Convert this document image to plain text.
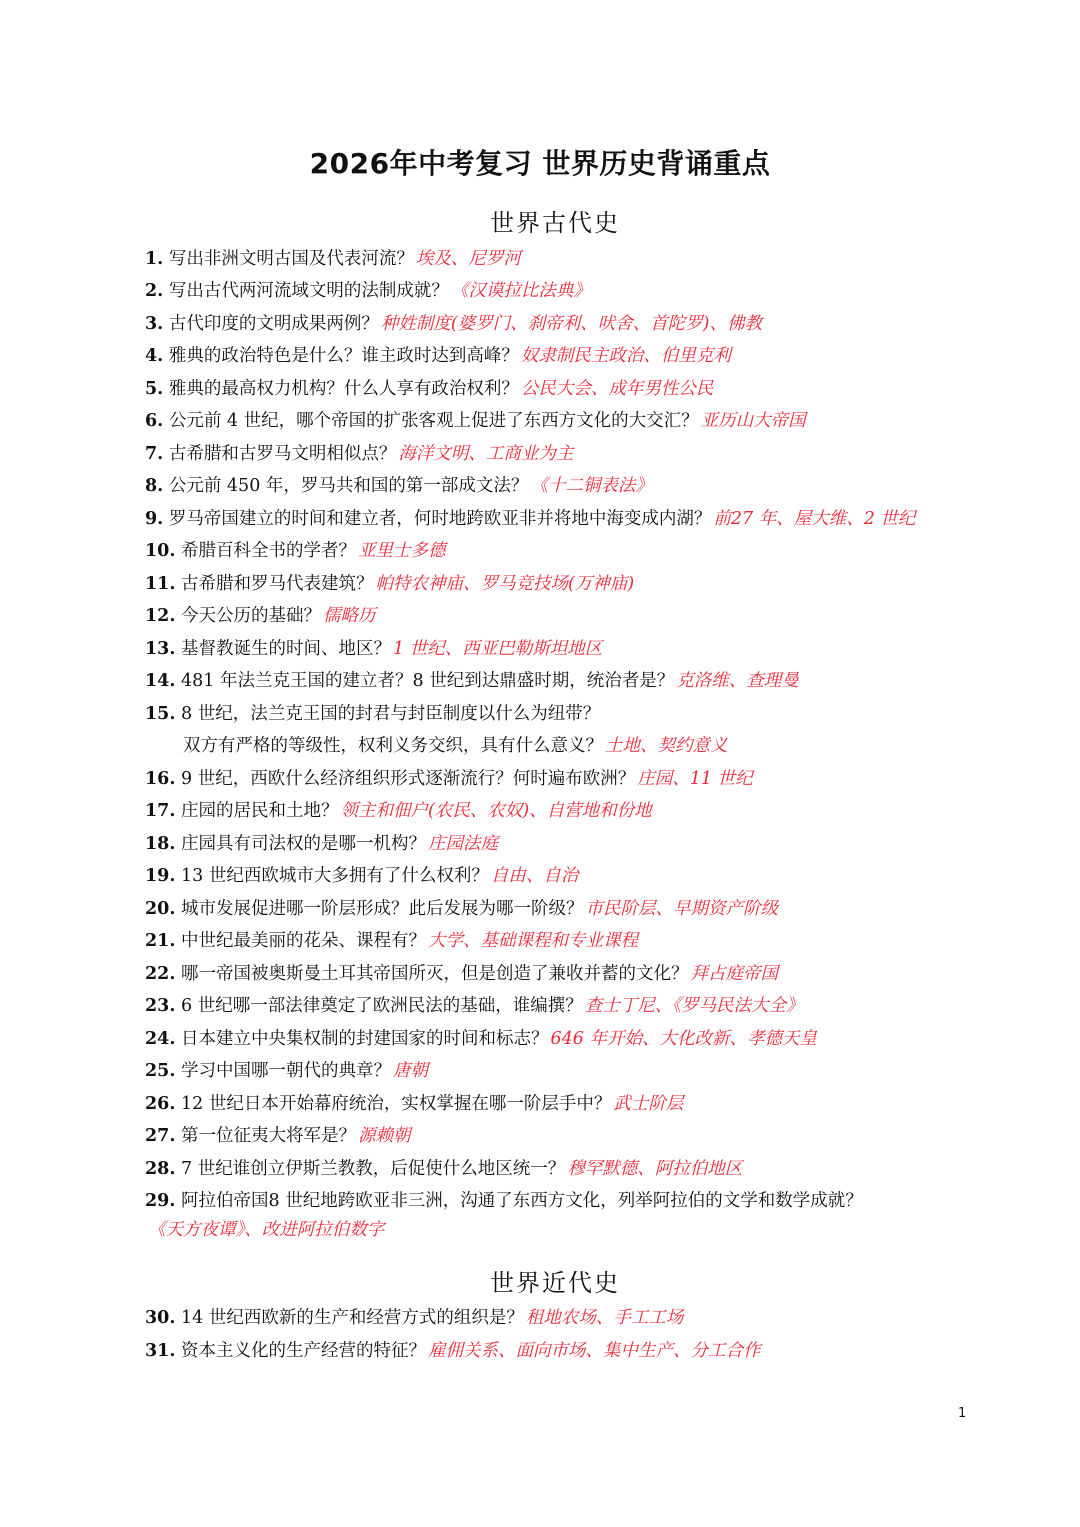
2026年中考复习 世界历史背诵重点
世界古代史
世界近代史
1. 写出非洲文明古国及代表河流？ 埃及、尼罗河
2. 写出古代两河流域文明的法制成就？ 《汉谟拉比法典》
3. 古代印度的文明成果两例？ 种姓制度(婆罗门、刹帝利、吠舍、首陀罗)、佛教
4. 雅典的政治特色是什么？谁主政时达到高峰？ 奴隶制民主政治、伯里克利
5. 雅典的最高权力机构？什么人享有政治权利？ 公民大会、成年男性公民
6. 公元前 4 世纪，哪个帝国的扩张客观上促进了东西方文化的大交汇？ 亚历山大帝国
7. 古希腊和古罗马文明相似点？ 海洋文明、工商业为主
8. 公元前 450 年，罗马共和国的第一部成文法？ 《十二铜表法》
9. 罗马帝国建立的时间和建立者，何时地跨欧亚非并将地中海变成内湖？ 前27 年、屋大维、2 世纪
10. 希腊百科全书的学者？ 亚里士多德
11. 古希腊和罗马代表建筑？ 帕特农神庙、罗马竞技场(万神庙)
12. 今天公历的基础？ 儒略历
13. 基督教诞生的时间、地区？ 1 世纪、西亚巴勒斯坦地区
14. 481 年法兰克王国的建立者？8 世纪到达鼎盛时期，统治者是？ 克洛维、查理曼
15. 8 世纪，法兰克王国的封君与封臣制度以什么为纽带？
16. 9 世纪，西欧什么经济组织形式逐渐流行？何时遍布欧洲？ 庄园、11 世纪
17. 庄园的居民和土地？ 领主和佃户(农民、农奴)、自营地和份地
18. 庄园具有司法权的是哪一机构？ 庄园法庭
19. 13 世纪西欧城市大多拥有了什么权利？ 自由、自治
20. 城市发展促进哪一阶层形成？此后发展为哪一阶级？ 市民阶层、早期资产阶级
21. 中世纪最美丽的花朵、课程有？ 大学、基础课程和专业课程
22. 哪一帝国被奥斯曼土耳其帝国所灭，但是创造了兼收并蓄的文化？ 拜占庭帝国
23. 6 世纪哪一部法律奠定了欧洲民法的基础，谁编撰？ 查士丁尼、《罗马民法大全》
24. 日本建立中央集权制的封建国家的时间和标志？ 646 年开始、大化改新、孝德天皇
25. 学习中国哪一朝代的典章？ 唐朝
26. 12 世纪日本开始幕府统治，实权掌握在哪一阶层手中？ 武士阶层
27. 第一位征夷大将军是？ 源赖朝
28. 7 世纪谁创立伊斯兰教教，后促使什么地区统一？ 穆罕默德、阿拉伯地区
29. 阿拉伯帝国8 世纪地跨欧亚非三洲，沟通了东西方文化，列举阿拉伯的文学和数学成就？
30. 14 世纪西欧新的生产和经营方式的组织是？ 租地农场、手工工场
31. 资本主义化的生产经营的特征？ 雇佣关系、面向市场、集中生产、分工合作
双方有严格的等级性，权利义务交织，具有什么意义？ 土地、契约意义
《天方夜谭》、改进阿拉伯数字
1
